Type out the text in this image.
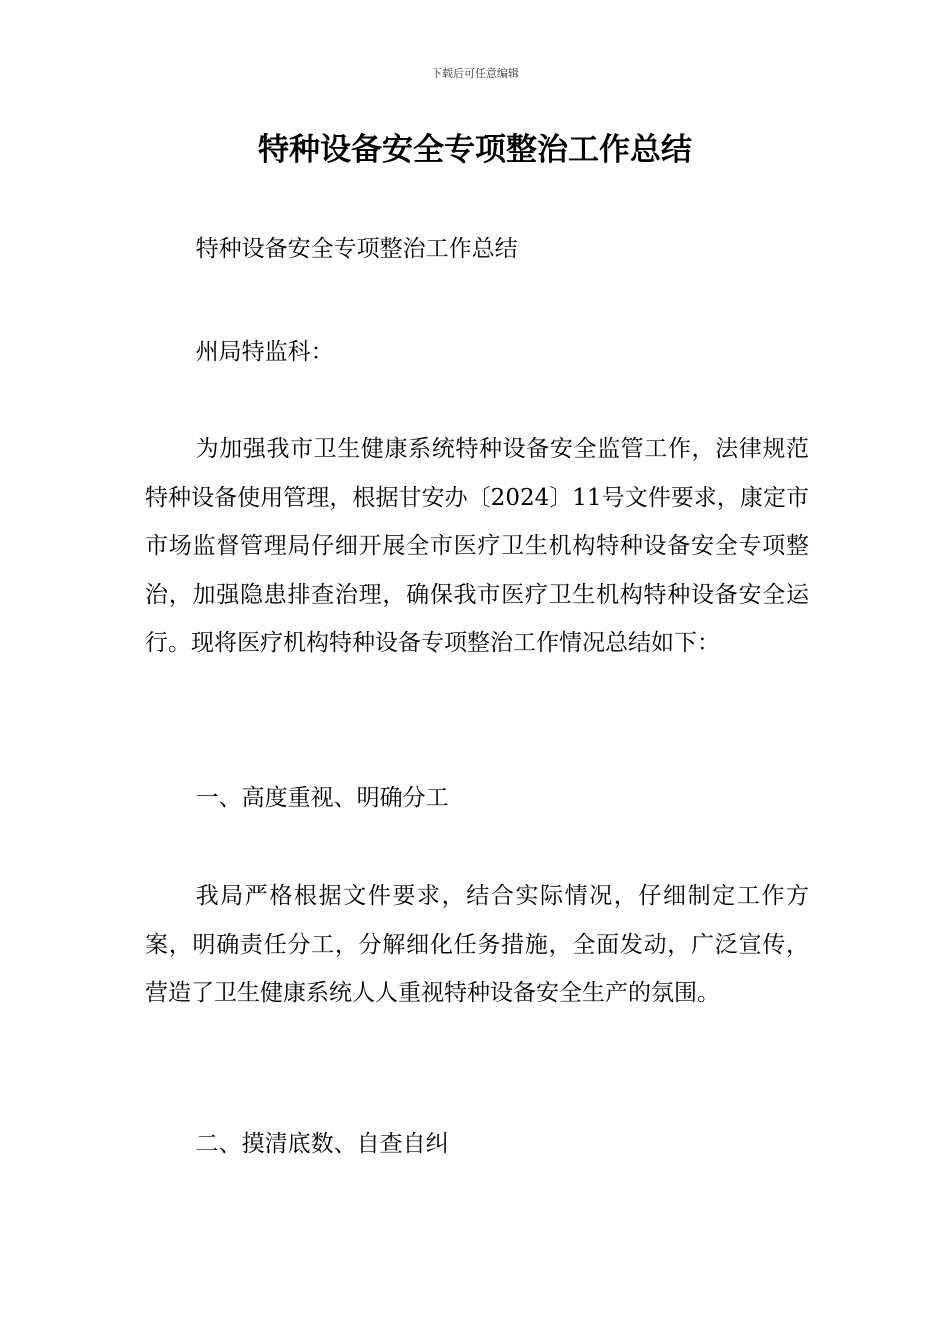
下载后可任意编辑
特种设备安全专项整治工作总结

特种设备安全专项整治工作总结

州局特监科：

为加强我市卫生健康系统特种设备安全监管工作，法律规范特种设备使用管理，根据甘安办〔2024〕11号文件要求，康定市市场监督管理局仔细开展全市医疗卫生机构特种设备安全专项整治，加强隐患排查治理，确保我市医疗卫生机构特种设备安全运行。现将医疗机构特种设备专项整治工作情况总结如下：

一、高度重视、明确分工

我局严格根据文件要求，结合实际情况，仔细制定工作方案，明确责任分工，分解细化任务措施，全面发动，广泛宣传，营造了卫生健康系统人人重视特种设备安全生产的氛围。

二、摸清底数、自查自纠
